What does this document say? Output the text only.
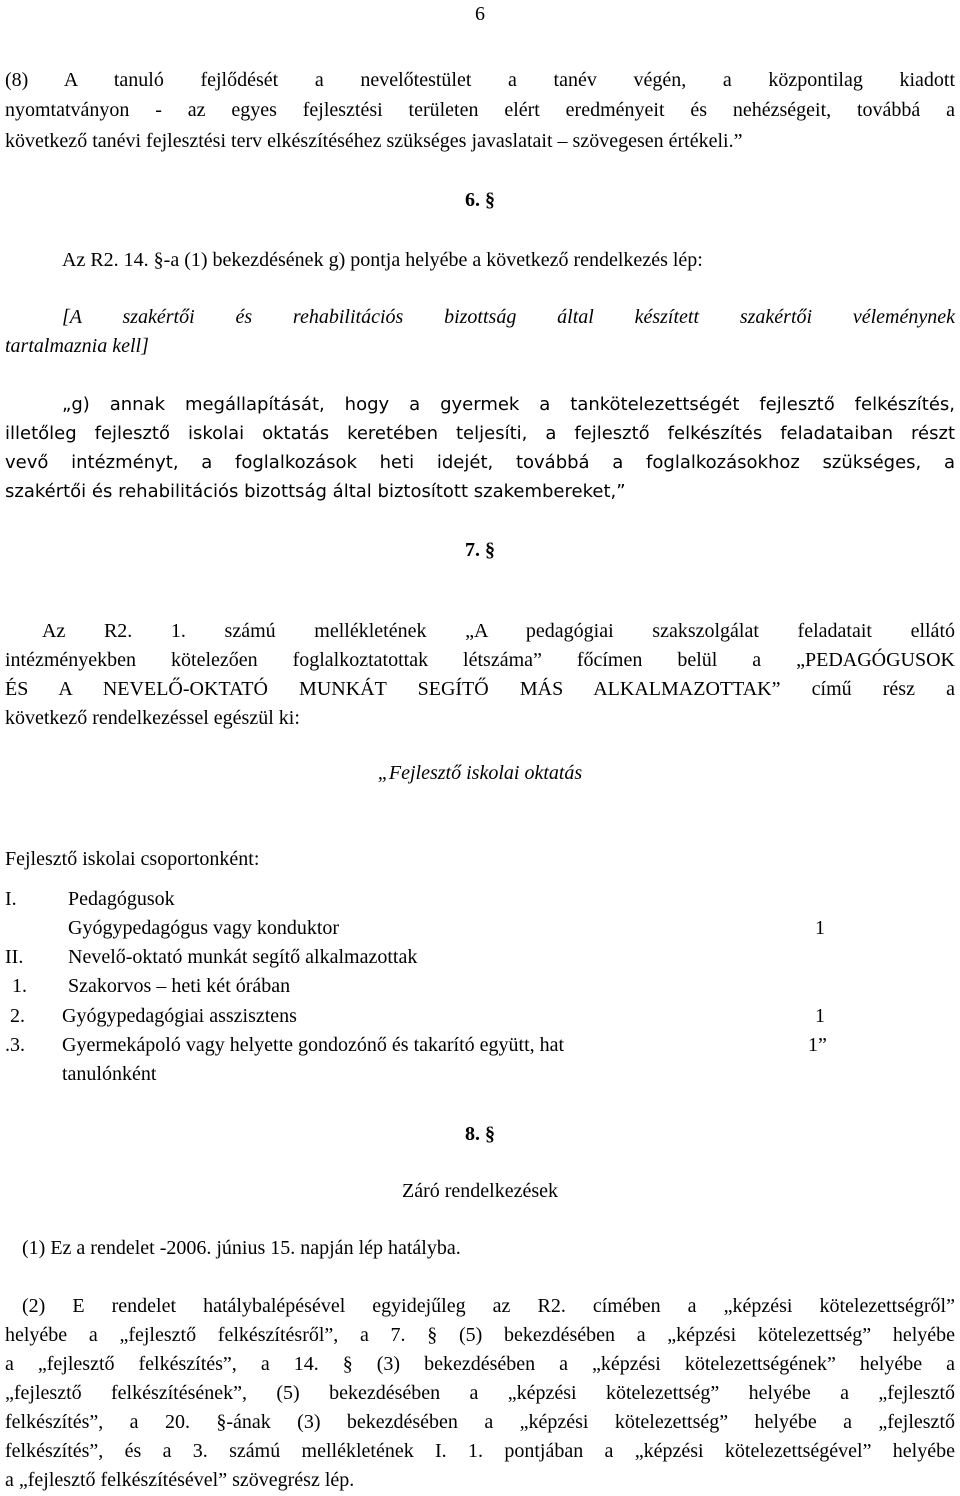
6
(8) A tanuló fejlődését a nevelőtestület a tanév végén, a központilag kiadott
nyomtatványon - az egyes fejlesztési területen elért eredményeit és nehézségeit, továbbá a
következő tanévi fejlesztési terv elkészítéséhez szükséges javaslatait – szövegesen értékeli.”
6. §
Az R2. 14. §-a (1) bekezdésének g) pontja helyébe a következő rendelkezés lép:
[A szakértői és rehabilitációs bizottság által készített szakértői véleménynek
tartalmaznia kell]
„g) annak megállapítását, hogy a gyermek a tankötelezettségét fejlesztő felkészítés,
illetőleg fejlesztő iskolai oktatás keretében teljesíti, a fejlesztő felkészítés feladataiban részt
vevő intézményt, a foglalkozások heti idejét, továbbá a foglalkozásokhoz szükséges, a
szakértői és rehabilitációs bizottság által biztosított szakembereket,”
7. §
Az R2. 1. számú mellékletének „A pedagógiai szakszolgálat feladatait ellátó
intézményekben kötelezően foglalkoztatottak létszáma” főcímen belül a „PEDAGÓGUSOK
ÉS A NEVELŐ-OKTATÓ MUNKÁT SEGÍTŐ MÁS ALKALMAZOTTAK” című rész a
következő rendelkezéssel egészül ki:
„Fejlesztő iskolai oktatás
Fejlesztő iskolai csoportonként:
I.	Pedagógusok
Gyógypedagógus vagy konduktor	1
II.	Nevelő-oktató munkát segítő alkalmazottak
1.	Szakorvos – heti két órában
2.	Gyógypedagógiai asszisztens	1
.3.	Gyermekápoló vagy helyette gondozónő és takarító együtt, hat	1”
tanulónként
8. §
Záró rendelkezések
(1) Ez a rendelet -2006. június 15. napján lép hatályba.
(2) E rendelet hatálybalépésével egyidejűleg az R2. címében a „képzési kötelezettségről”
helyébe a „fejlesztő felkészítésről”, a 7. § (5) bekezdésében a „képzési kötelezettség” helyébe
a „fejlesztő felkészítés”, a 14. § (3) bekezdésében a „képzési kötelezettségének” helyébe a
„fejlesztő felkészítésének”, (5) bekezdésében a „képzési kötelezettség” helyébe a „fejlesztő
felkészítés”, a 20. §-ának (3) bekezdésében a „képzési kötelezettség” helyébe a „fejlesztő
felkészítés”, és a 3. számú mellékletének I. 1. pontjában a „képzési kötelezettségével” helyébe
a „fejlesztő felkészítésével” szövegrész lép.
